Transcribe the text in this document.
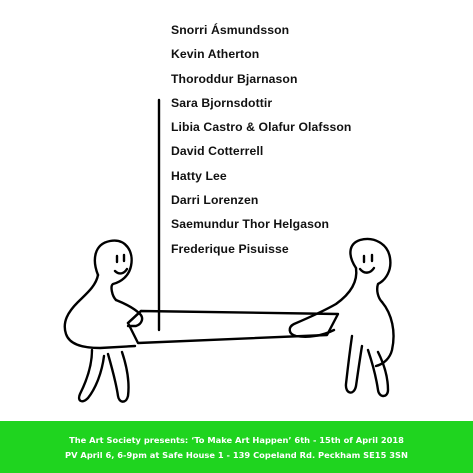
Snorri Ásmundsson
Kevin Atherton
Thoroddur Bjarnason
Sara Bjornsdottir
Libia Castro & Olafur Olafsson
David Cotterrell
Hatty Lee
Darri Lorenzen
Saemundur Thor Helgason
Frederique Pisuisse
The Art Society presents: ‘To Make Art Happen’ 6th - 15th of April 2018
PV April 6, 6-9pm at Safe House 1 - 139 Copeland Rd. Peckham SE15 3SN
